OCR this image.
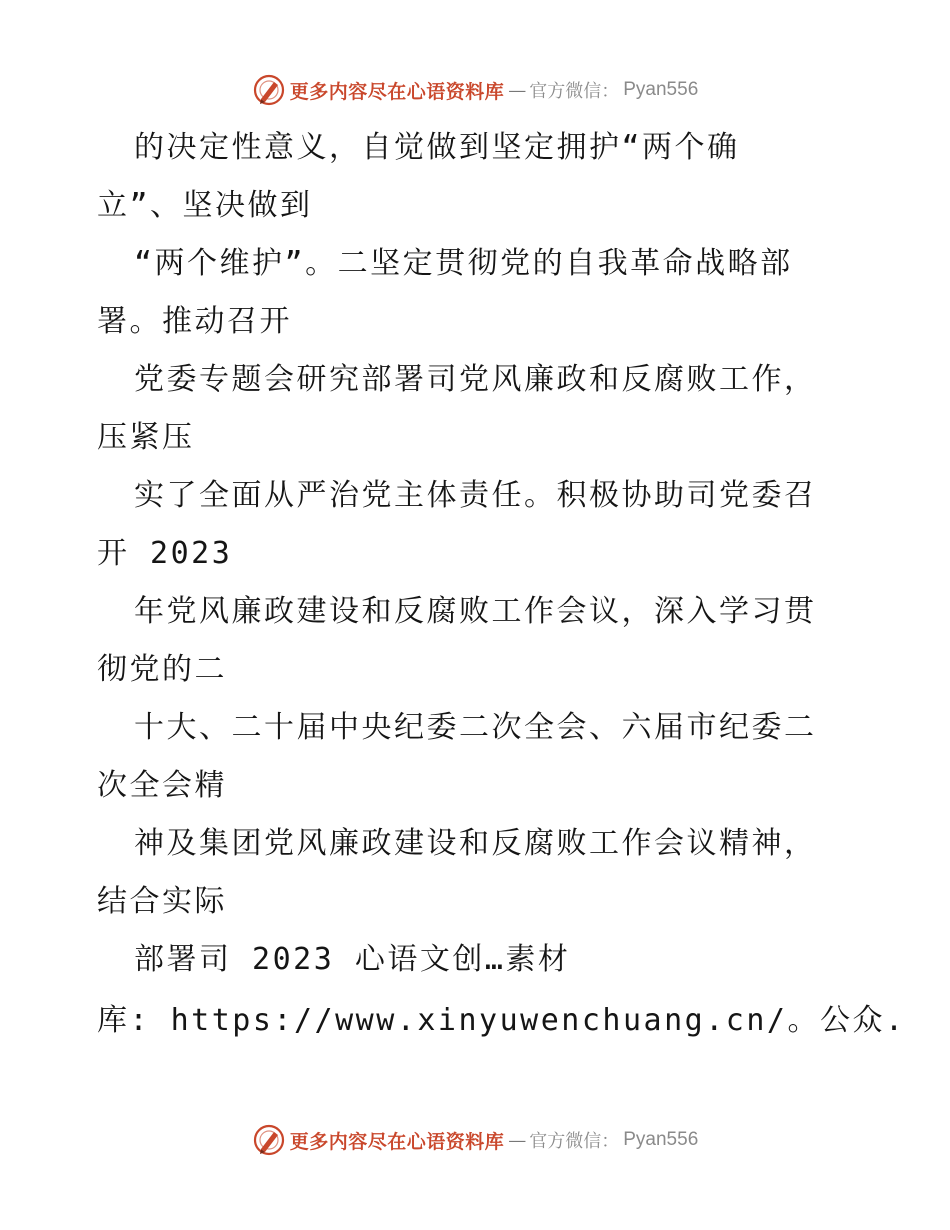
更多内容尽在心语资料库 — 官方微信： Pyan556
的决定性意义，自觉做到坚定拥护“两个确
立”、坚决做到
“两个维护”。二坚定贯彻党的自我革命战略部
署。推动召开
党委专题会研究部署司党风廉政和反腐败工作，
压紧压
实了全面从严治党主体责任。积极协助司党委召
开 2023
年党风廉政建设和反腐败工作会议，深入学习贯
彻党的二
十大、二十届中央纪委二次全会、六届市纪委二
次全会精
神及集团党风廉政建设和反腐败工作会议精神，
结合实际
部署司 2023 心语文创…素材
库: https://www.xinyuwenchuang.cn/。公众.
更多内容尽在心语资料库 — 官方微信： Pyan556
